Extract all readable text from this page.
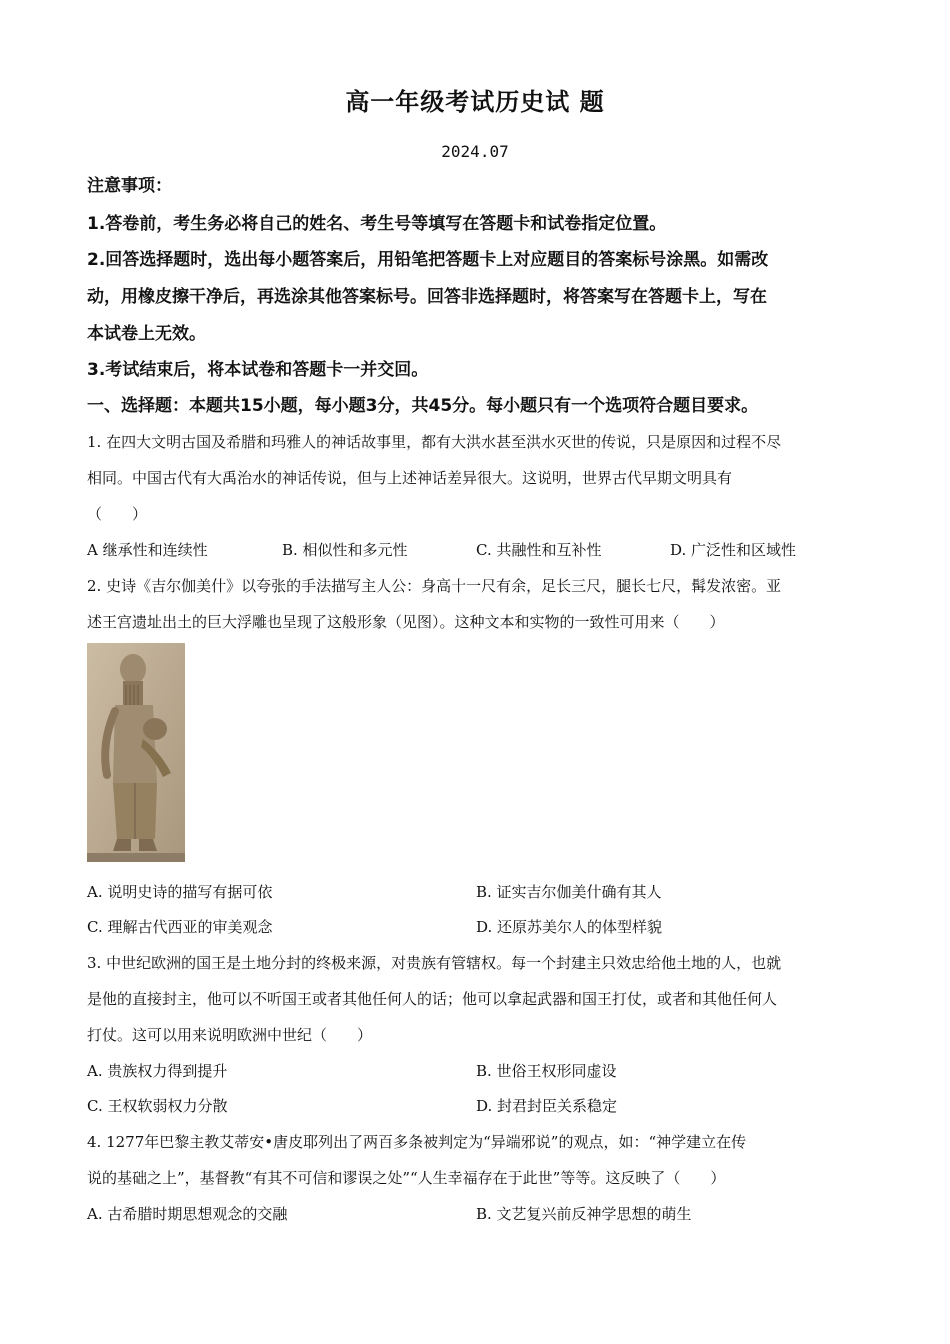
高一年级考试历史试 题
2024.07
注意事项：
1.答卷前，考生务必将自己的姓名、考生号等填写在答题卡和试卷指定位置。
2.回答选择题时，选出每小题答案后，用铅笔把答题卡上对应题目的答案标号涂黑。如需改
动，用橡皮擦干净后，再选涂其他答案标号。回答非选择题时，将答案写在答题卡上，写在
本试卷上无效。
3.考试结束后，将本试卷和答题卡一并交回。
一、选择题：本题共15小题，每小题3分，共45分。每小题只有一个选项符合题目要求。
1. 在四大文明古国及希腊和玛雅人的神话故事里，都有大洪水甚至洪水灭世的传说，只是原因和过程不尽
相同。中国古代有大禹治水的神话传说，但与上述神话差异很大。这说明，世界古代早期文明具有
（　　）
A 继承性和连续性	B. 相似性和多元性	C. 共融性和互补性	D. 广泛性和区域性
2. 史诗《吉尔伽美什》以夸张的手法描写主人公：身高十一尺有余，足长三尺，腿长七尺，髯发浓密。亚
述王宫遗址出土的巨大浮雕也呈现了这般形象（见图）。这种文本和实物的一致性可用来（　　）
A. 说明史诗的描写有据可依	B. 证实吉尔伽美什确有其人
C. 理解古代西亚的审美观念	D. 还原苏美尔人的体型样貌
3. 中世纪欧洲的国王是土地分封的终极来源，对贵族有管辖权。每一个封建主只效忠给他土地的人，也就
是他的直接封主，他可以不听国王或者其他任何人的话；他可以拿起武器和国王打仗，或者和其他任何人
打仗。这可以用来说明欧洲中世纪（　　）
A. 贵族权力得到提升	B. 世俗王权形同虚设
C. 王权软弱权力分散	D. 封君封臣关系稳定
4. 1277年巴黎主教艾蒂安•唐皮耶列出了两百多条被判定为“异端邪说”的观点，如：“神学建立在传
说的基础之上”，基督教“有其不可信和谬误之处”“人生幸福存在于此世”等等。这反映了（　　）
A. 古希腊时期思想观念的交融	B. 文艺复兴前反神学思想的萌生
